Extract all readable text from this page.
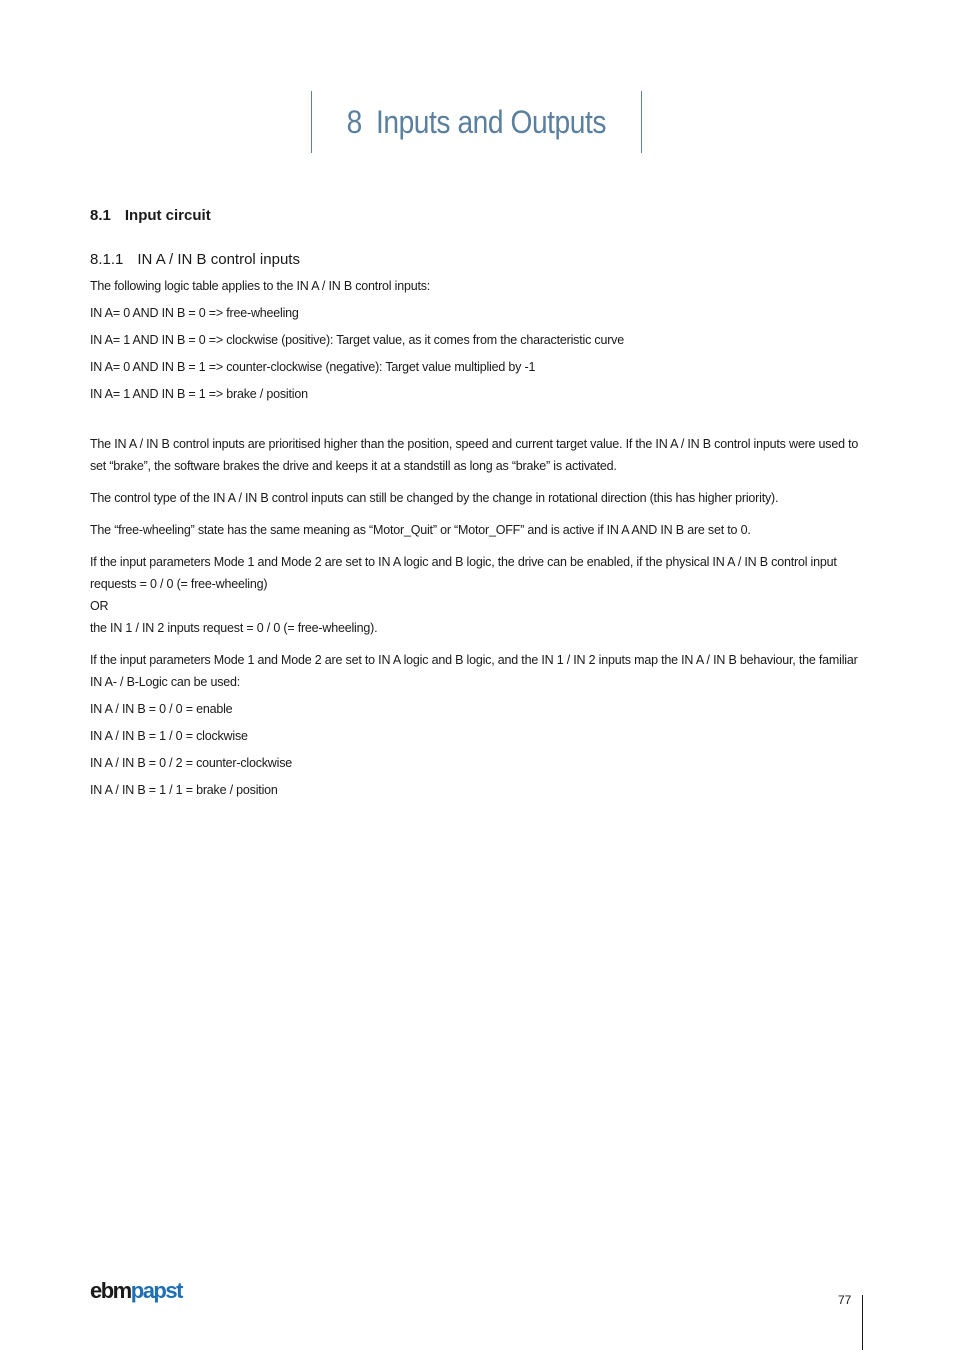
8 Inputs and Outputs
8.1 Input circuit
8.1.1 IN A / IN B control inputs

The following logic table applies to the IN A / IN B control inputs:

IN A= 0 AND IN B = 0 => free-wheeling

IN A= 1 AND IN B = 0 => clockwise (positive): Target value, as it comes from the characteristic curve

IN A= 0 AND IN B = 1 => counter-clockwise (negative): Target value multiplied by -1

IN A= 1 AND IN B = 1 => brake / position

The IN A / IN B control inputs are prioritised higher than the position, speed and current target value. If the IN A / IN B control inputs were used to set “brake”, the software brakes the drive and keeps it at a standstill as long as “brake” is activated.

The control type of the IN A / IN B control inputs can still be changed by the change in rotational direction (this has higher priority).

The “free-wheeling” state has the same meaning as “Motor_Quit” or “Motor_OFF” and is active if IN A AND IN B are set to 0.

If the input parameters Mode 1 and Mode 2 are set to IN A logic and B logic, the drive can be enabled, if the physical IN A / IN B control input requests = 0 / 0 (= free-wheeling)

OR

the IN 1 / IN 2 inputs request = 0 / 0 (= free-wheeling).

If the input parameters Mode 1 and Mode 2 are set to IN A logic and B logic, and the IN 1 / IN 2 inputs map the IN A / IN B behaviour, the familiar IN A- / B-Logic can be used:

IN A / IN B = 0 / 0 = enable

IN A / IN B = 1 / 0 = clockwise

IN A / IN B = 0 / 2 = counter-clockwise

IN A / IN B = 1 / 1 = brake / position

ebmpapst	77
